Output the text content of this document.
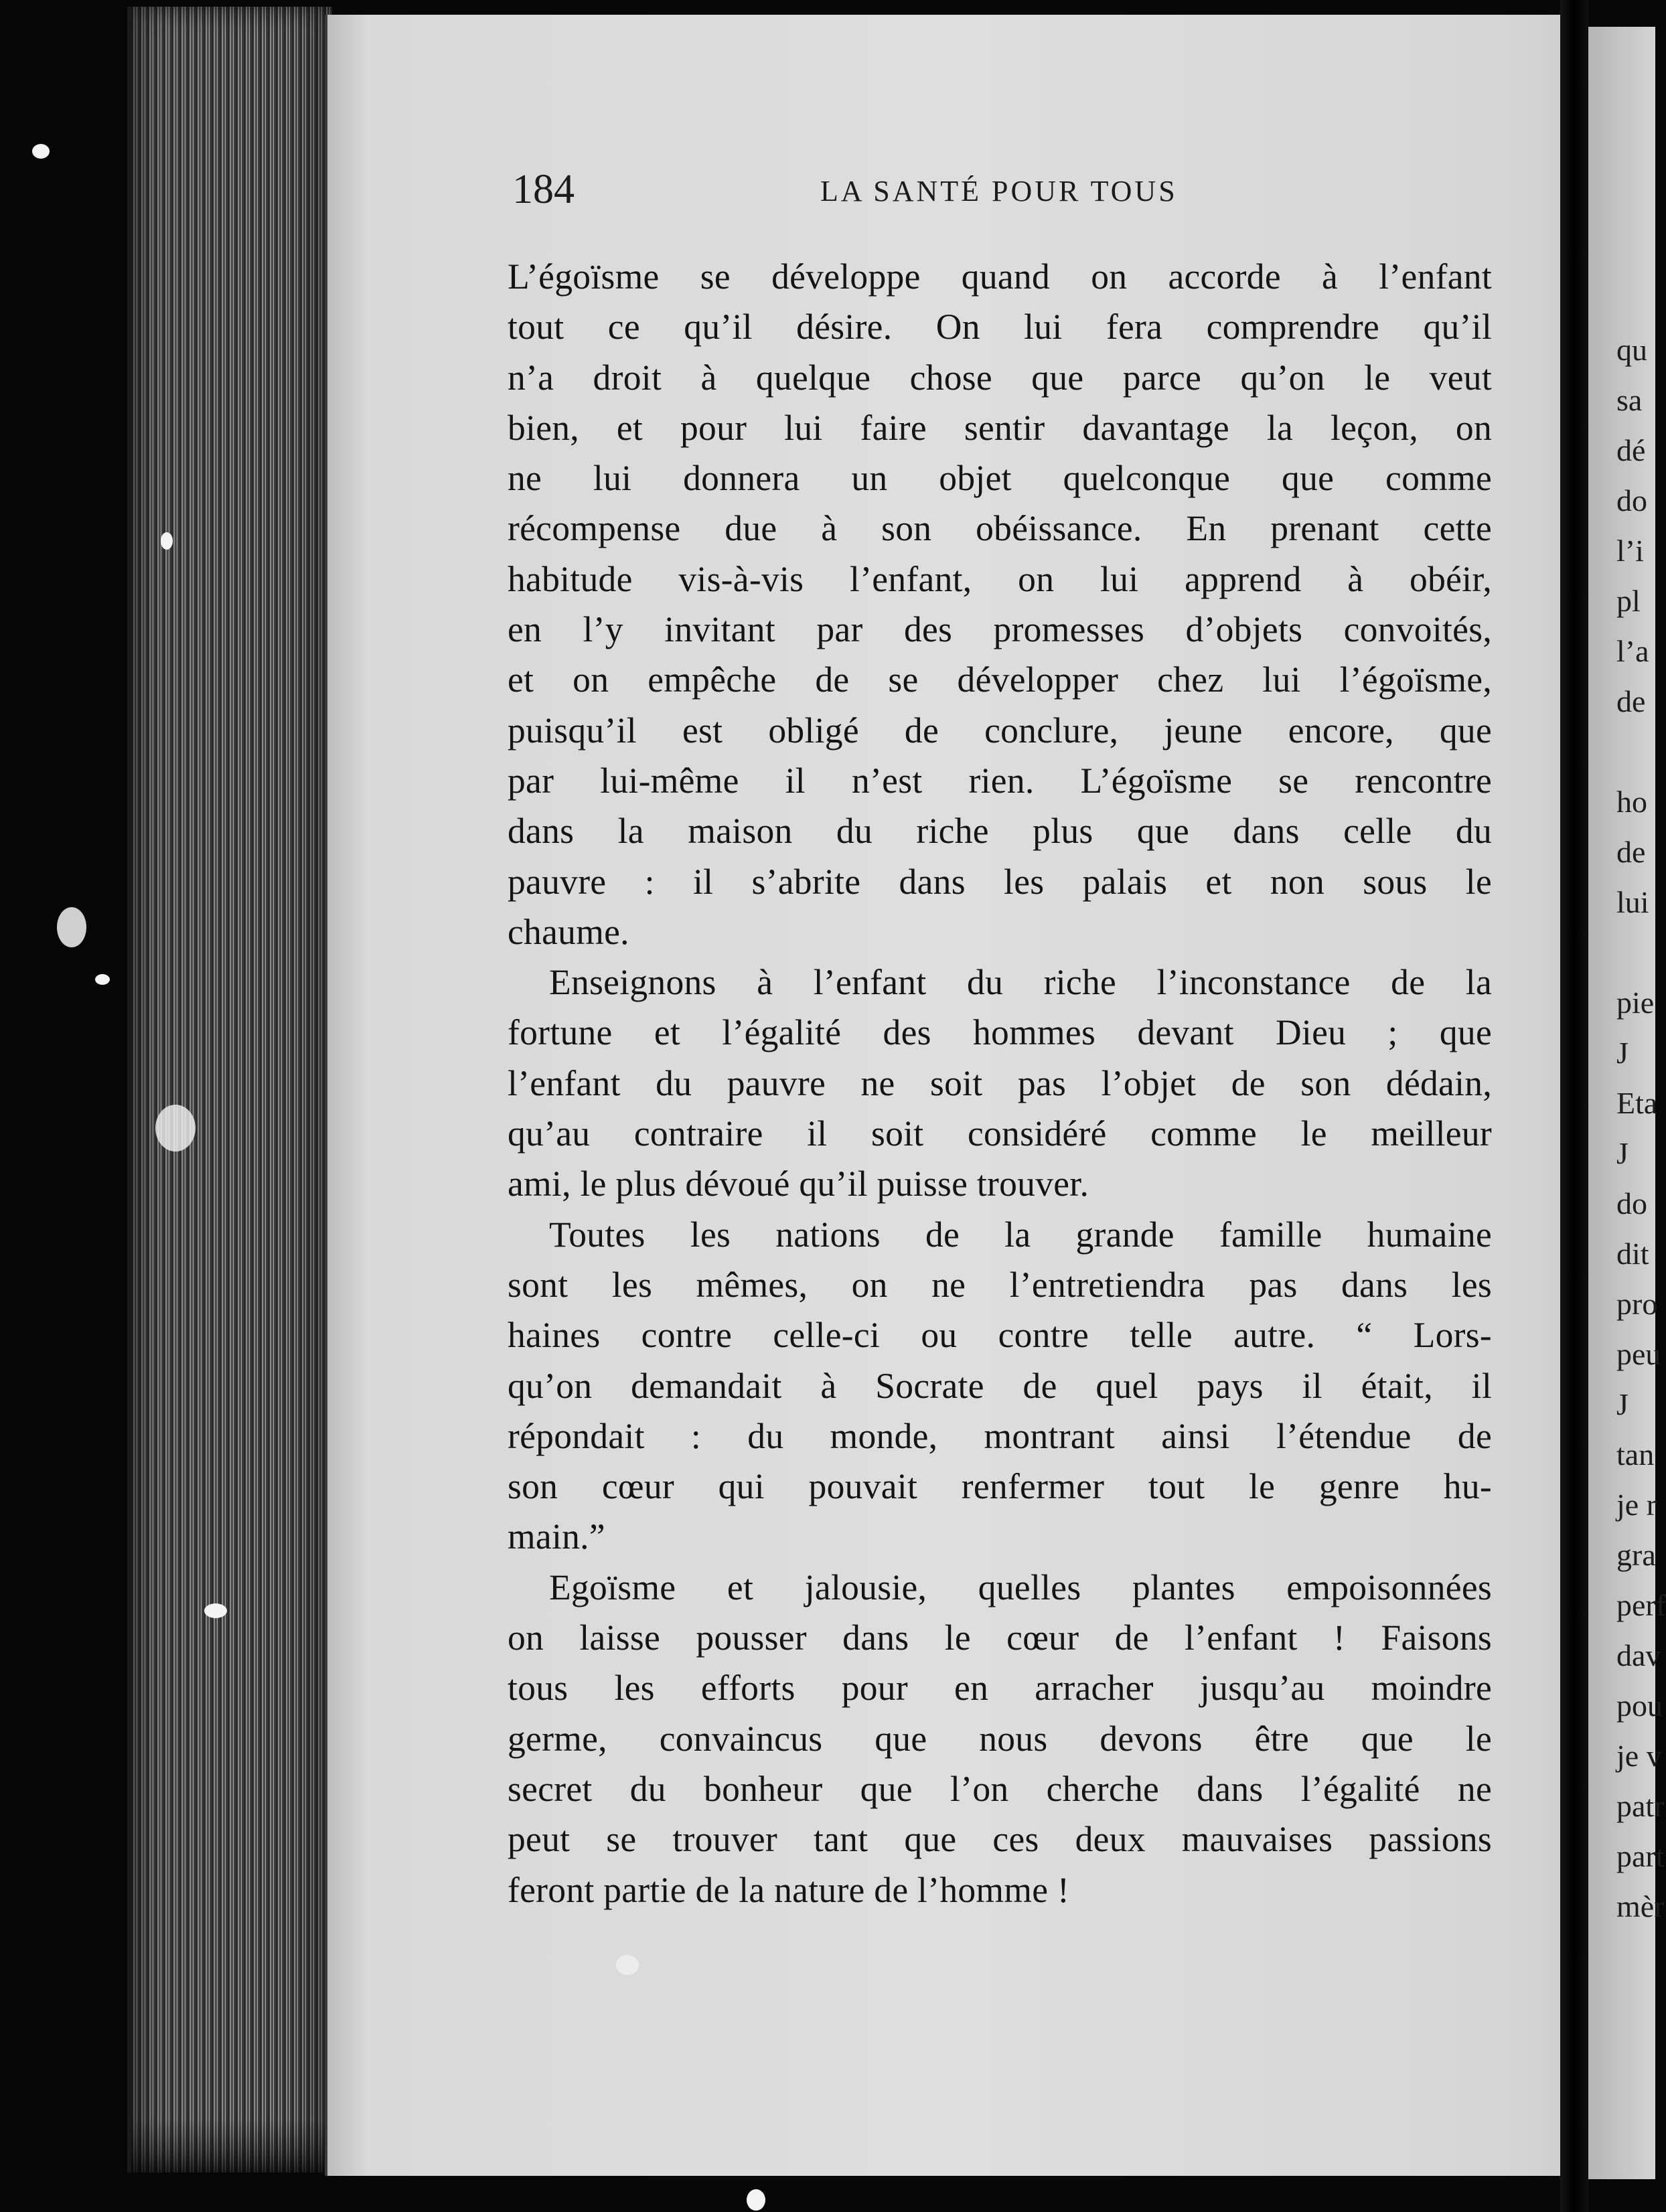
qu
sa
dé
do
l’i
pl
l’a
de
ho
de
lui
pie
J
Eta
J
do
dit
pro
peu
J
tan
je r
gra
perf
dav
pou
je v
patr
part
mèr
184	LA SANTÉ POUR TOUS
L’égoïsme se développe quand on accorde à l’enfant
tout ce qu’il désire. On lui fera comprendre qu’il
n’a droit à quelque chose que parce qu’on le veut
bien, et pour lui faire sentir davantage la leçon, on
ne lui donnera un objet quelconque que comme
récompense due à son obéissance. En prenant cette
habitude vis-à-vis l’enfant, on lui apprend à obéir,
en l’y invitant par des promesses d’objets convoités,
et on empêche de se développer chez lui l’égoïsme,
puisqu’il est obligé de conclure, jeune encore, que
par lui-même il n’est rien. L’égoïsme se rencontre
dans la maison du riche plus que dans celle du
pauvre : il s’abrite dans les palais et non sous le
chaume.
Enseignons à l’enfant du riche l’inconstance de la
fortune et l’égalité des hommes devant Dieu ; que
l’enfant du pauvre ne soit pas l’objet de son dédain,
qu’au contraire il soit considéré comme le meilleur
ami, le plus dévoué qu’il puisse trouver.
Toutes les nations de la grande famille humaine
sont les mêmes, on ne l’entretiendra pas dans les
haines contre celle-ci ou contre telle autre. “ Lors-
qu’on demandait à Socrate de quel pays il était, il
répondait : du monde, montrant ainsi l’étendue de
son cœur qui pouvait renfermer tout le genre hu-
main.”
Egoïsme et jalousie, quelles plantes empoisonnées
on laisse pousser dans le cœur de l’enfant ! Faisons
tous les efforts pour en arracher jusqu’au moindre
germe, convaincus que nous devons être que le
secret du bonheur que l’on cherche dans l’égalité ne
peut se trouver tant que ces deux mauvaises passions
feront partie de la nature de l’homme !
